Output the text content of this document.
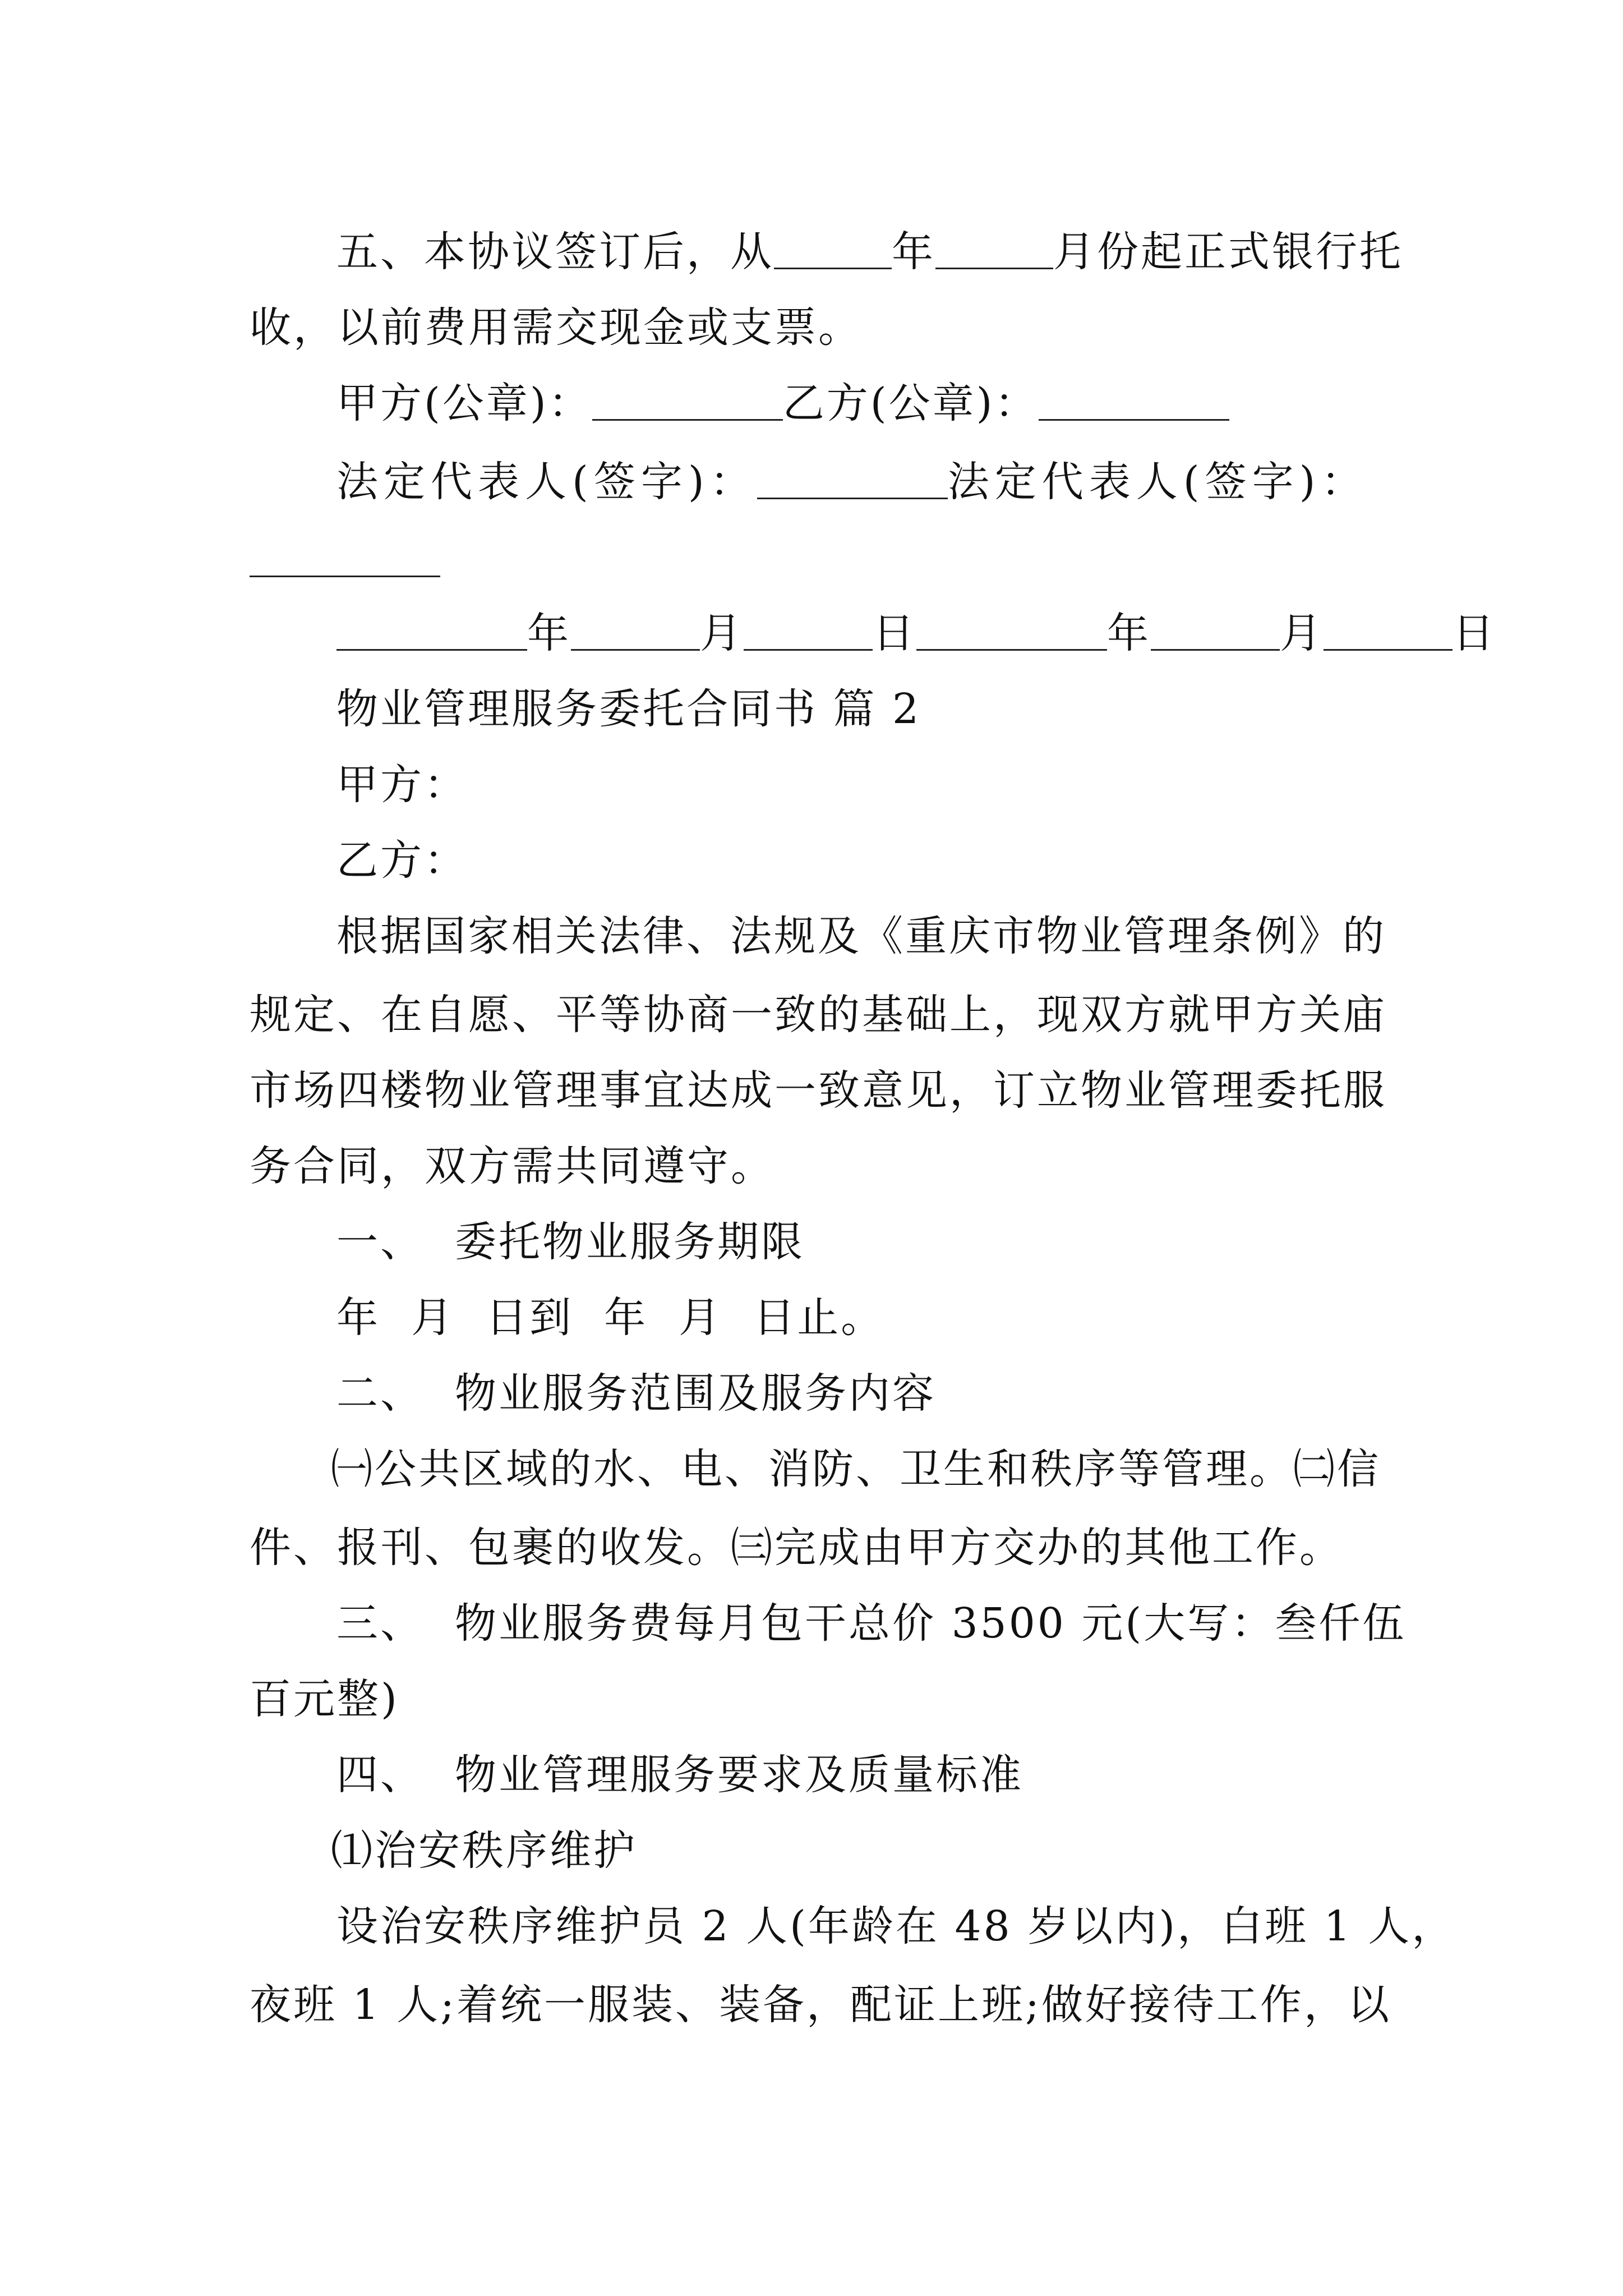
五、本协议签订后，从	年	月份起正式银行托
收，以前费用需交现金或支票。
甲方(公章)：	乙方(公章)：
法定代表人(签字)：	法定代表人(签字)：
年	月	日	年	月	日
物业管理服务委托合同书 篇 2
甲方：
乙方：
根据国家相关法律、法规及《重庆市物业管理条例》的
规定、在自愿、平等协商一致的基础上，现双方就甲方关庙
市场四楼物业管理事宜达成一致意见，订立物业管理委托服
务合同，双方需共同遵守。
一、  委托物业服务期限
年  月  日到  年  月  日止。
二、  物业服务范围及服务内容
㈠公共区域的水、电、消防、卫生和秩序等管理。㈡信
件、报刊、包裹的收发。㈢完成由甲方交办的其他工作。
三、  物业服务费每月包干总价 3500 元(大写：叁仟伍
百元整)
四、  物业管理服务要求及质量标准
⑴治安秩序维护
设治安秩序维护员 2 人(年龄在 48 岁以内)，白班 1 人，
夜班 1 人;着统一服装、装备，配证上班;做好接待工作，以
